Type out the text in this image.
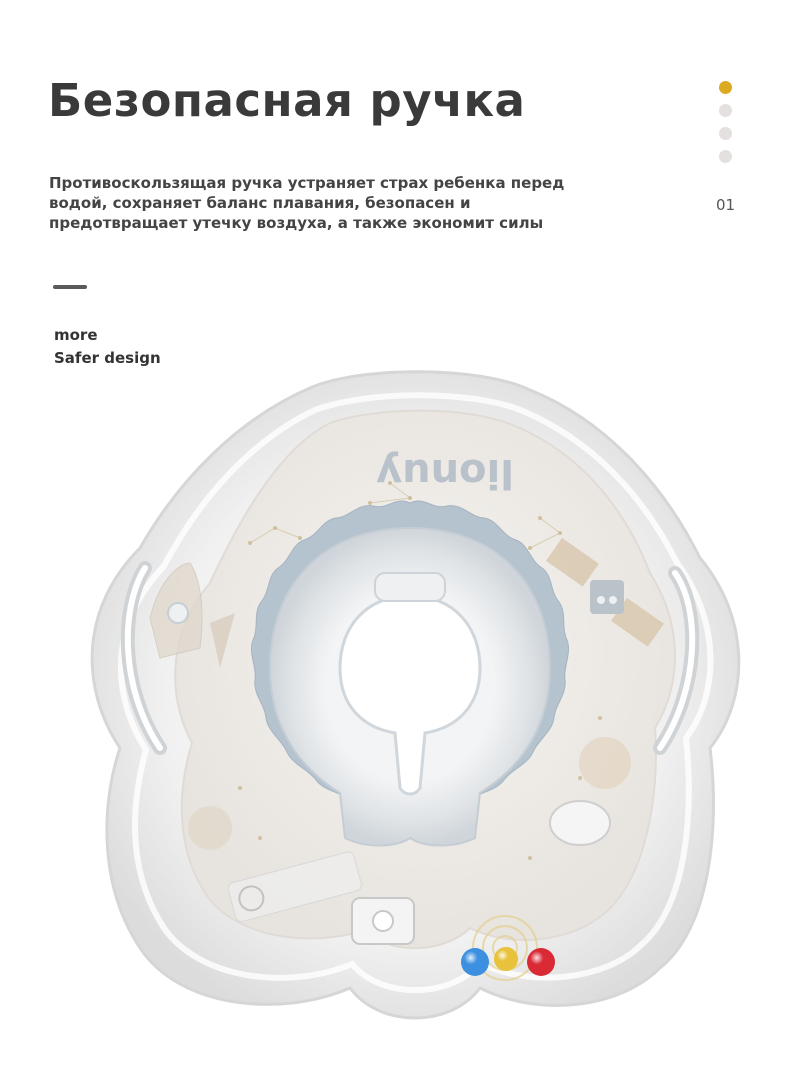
Безопасная ручка

Противоскользящая ручка устраняет страх ребенка перед водой, сохраняет баланс плавания, безопасен и предотвращает утечку воздуха, а также экономит силы

01
more
Safer design
lionuy
